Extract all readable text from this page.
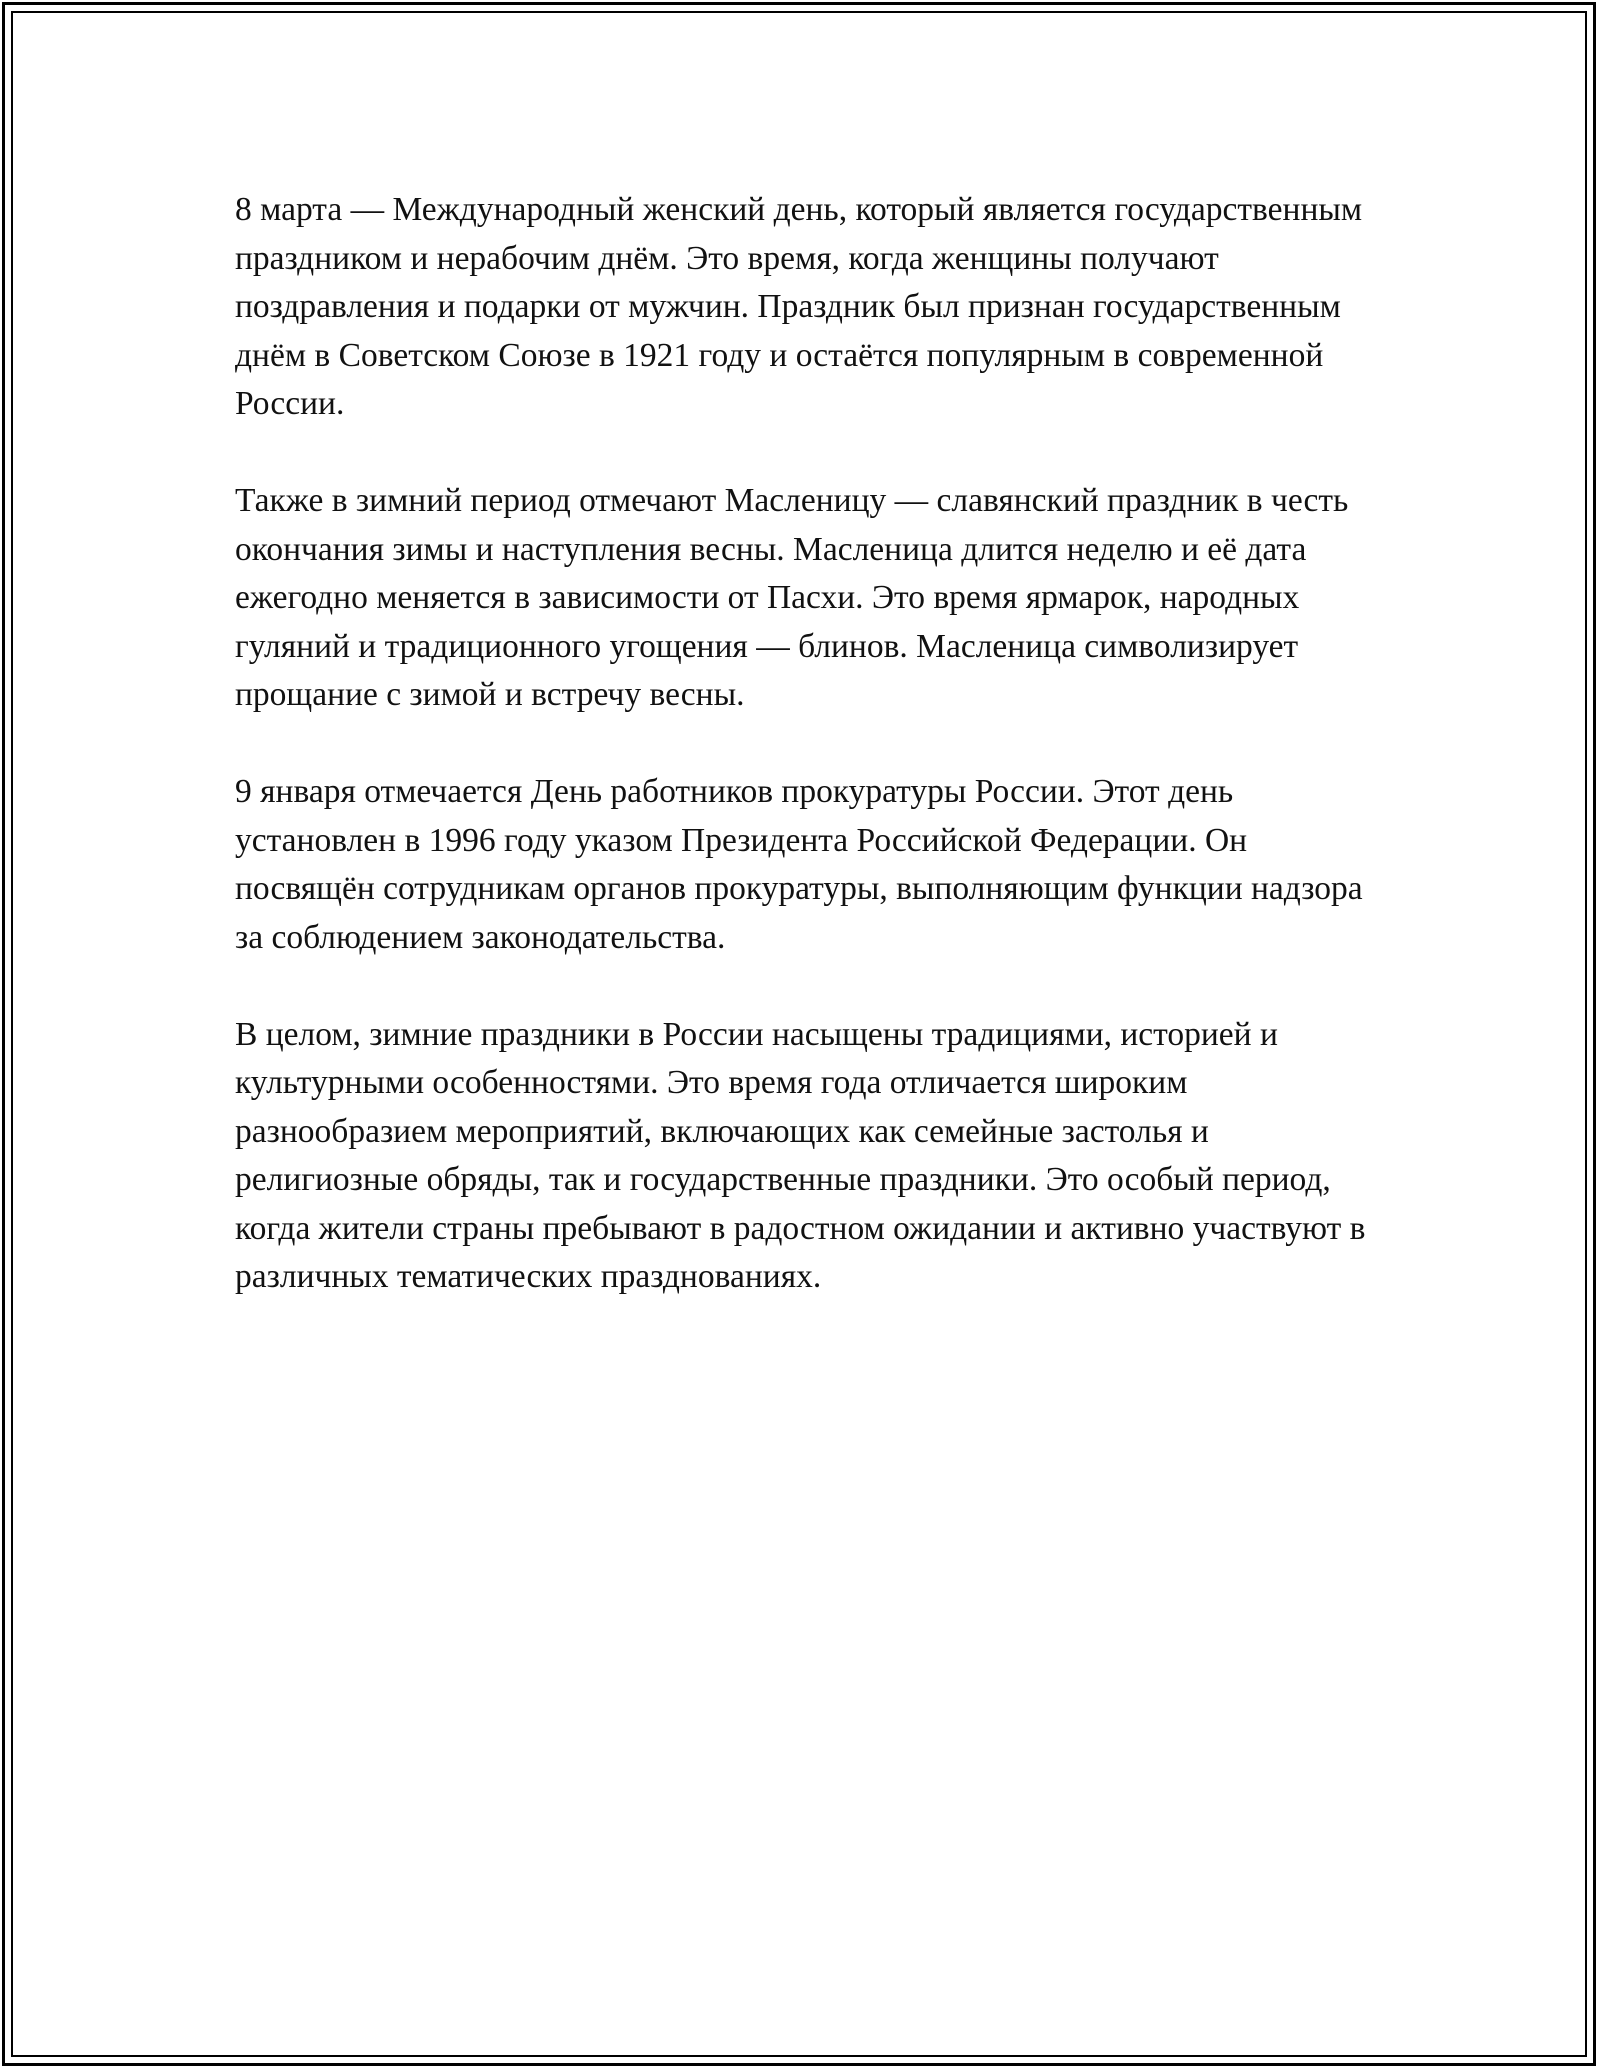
8 марта — Международный женский день, который является государственным праздником и нерабочим днём. Это время, когда женщины получают поздравления и подарки от мужчин. Праздник был признан государственным днём в Советском Союзе в 1921 году и остаётся популярным в современной России.

Также в зимний период отмечают Масленицу — славянский праздник в честь окончания зимы и наступления весны. Масленица длится неделю и её дата ежегодно меняется в зависимости от Пасхи. Это время ярмарок, народных гуляний и традиционного угощения — блинов. Масленица символизирует прощание с зимой и встречу весны.

9 января отмечается День работников прокуратуры России. Этот день установлен в 1996 году указом Президента Российской Федерации. Он посвящён сотрудникам органов прокуратуры, выполняющим функции надзора за соблюдением законодательства.

В целом, зимние праздники в России насыщены традициями, историей и культурными особенностями. Это время года отличается широким разнообразием мероприятий, включающих как семейные застолья и религиозные обряды, так и государственные праздники. Это особый период, когда жители страны пребывают в радостном ожидании и активно участвуют в различных тематических празднованиях.
